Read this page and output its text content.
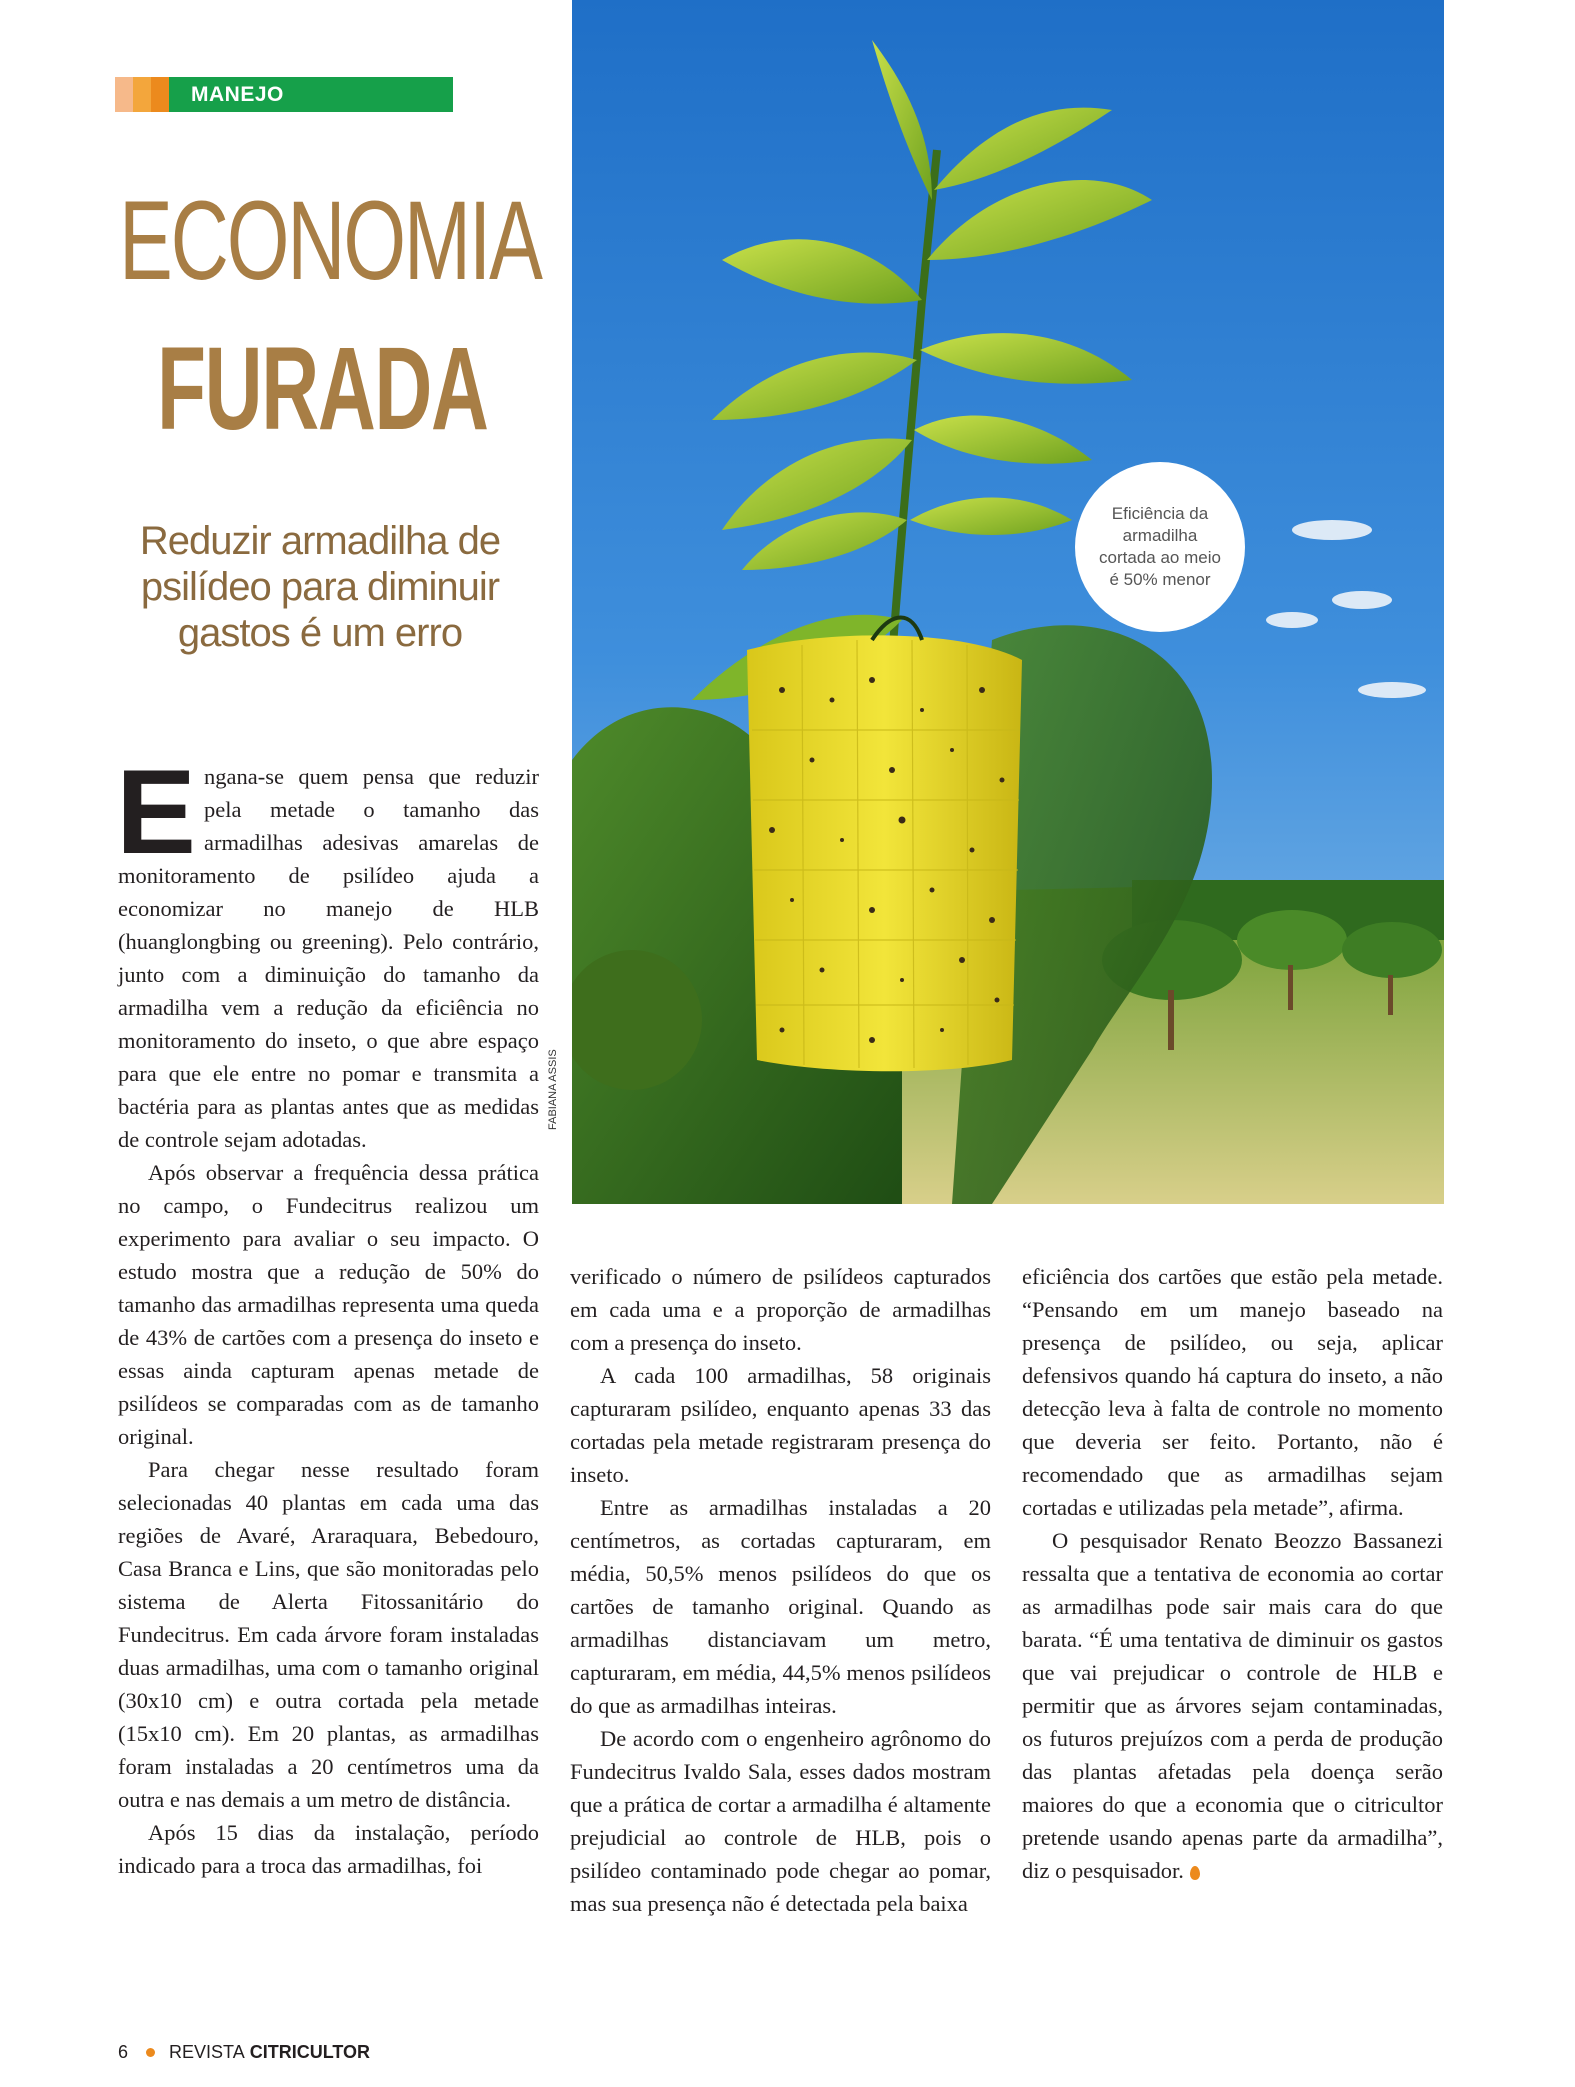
MANEJO
ECONOMIA
FURADA
Reduzir armadilha de psilídeo para diminuir gastos é um erro
Eficiência da armadilha cortada ao meio é 50% menor
FABIANA ASSIS

Engana-se quem pensa que reduzir pela metade o tamanho das armadilhas adesivas amarelas de monitoramento de psilídeo ajuda a economizar no manejo de HLB (huanglongbing ou greening). Pelo contrário, junto com a diminuição do tamanho da armadilha vem a redução da eficiência no monitoramento do inseto, o que abre espaço para que ele entre no pomar e transmita a bactéria para as plantas antes que as medidas de controle sejam adotadas.

Após observar a frequência dessa prática no campo, o Fundecitrus realizou um experimento para avaliar o seu impacto. O estudo mostra que a redução de 50% do tamanho das armadilhas representa uma queda de 43% de cartões com a presença do inseto e essas ainda capturam apenas metade de psilídeos se comparadas com as de tamanho original.

Para chegar nesse resultado foram selecionadas 40 plantas em cada uma das regiões de Avaré, Araraquara, Bebedouro, Casa Branca e Lins, que são monitoradas pelo sistema de Alerta Fitossanitário do Fundecitrus. Em cada árvore foram instaladas duas armadilhas, uma com o tamanho original (30x10 cm) e outra cortada pela metade (15x10 cm). Em 20 plantas, as armadilhas foram instaladas a 20 centímetros uma da outra e nas demais a um metro de distância.

Após 15 dias da instalação, período indicado para a troca das armadilhas, foi

verificado o número de psilídeos capturados em cada uma e a proporção de armadilhas com a presença do inseto.

A cada 100 armadilhas, 58 originais capturaram psilídeo, enquanto apenas 33 das cortadas pela metade registraram presença do inseto.

Entre as armadilhas instaladas a 20 centímetros, as cortadas capturaram, em média, 50,5% menos psilídeos do que os cartões de tamanho original. Quando as armadilhas distanciavam um metro, capturaram, em média, 44,5% menos psilídeos do que as armadilhas inteiras.

De acordo com o engenheiro agrônomo do Fundecitrus Ivaldo Sala, esses dados mostram que a prática de cortar a armadilha é altamente prejudicial ao controle de HLB, pois o psilídeo contaminado pode chegar ao pomar, mas sua presença não é detectada pela baixa

eficiência dos cartões que estão pela metade. “Pensando em um manejo baseado na presença de psilídeo, ou seja, aplicar defensivos quando há captura do inseto, a não detecção leva à falta de controle no momento que deveria ser feito. Portanto, não é recomendado que as armadilhas sejam cortadas e utilizadas pela metade”, afirma.

O pesquisador Renato Beozzo Bassanezi ressalta que a tentativa de economia ao cortar as armadilhas pode sair mais cara do que barata. “É uma tentativa de diminuir os gastos que vai prejudicar o controle de HLB e permitir que as árvores sejam contaminadas, os futuros prejuízos com a perda de produção das plantas afetadas pela doença serão maiores do que a economia que o citricultor pretende usando apenas parte da armadilha”, diz o pesquisador.

6 REVISTA CITRICULTOR
